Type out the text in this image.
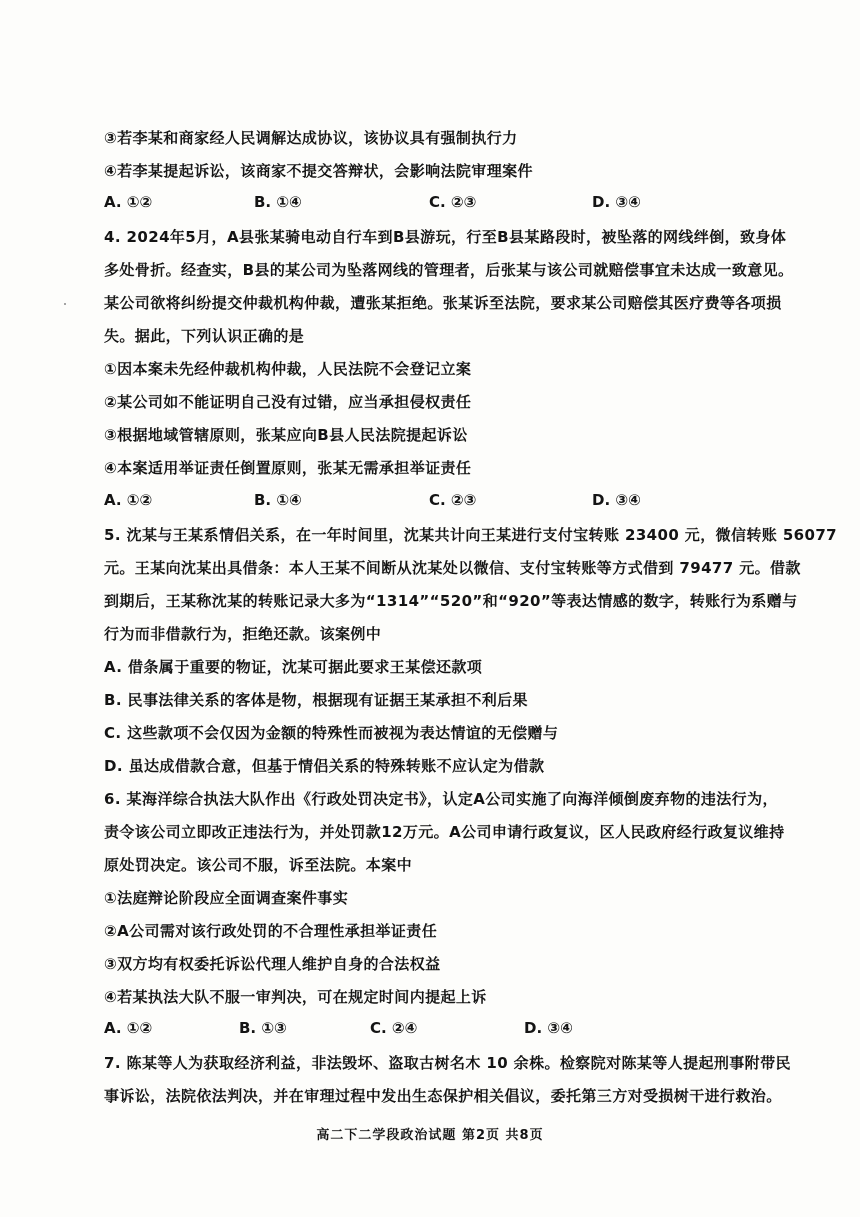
③若李某和商家经人民调解达成协议，该协议具有强制执行力
④若李某提起诉讼，该商家不提交答辩状，会影响法院审理案件
A. ①②	B. ①④	C. ②③	D. ③④
4. 2024年5月，A县张某骑电动自行车到B县游玩，行至B县某路段时，被坠落的网线绊倒，致身体
多处骨折。经查实，B县的某公司为坠落网线的管理者，后张某与该公司就赔偿事宜未达成一致意见。
某公司欲将纠纷提交仲裁机构仲裁，遭张某拒绝。张某诉至法院，要求某公司赔偿其医疗费等各项损
失。据此，下列认识正确的是
①因本案未先经仲裁机构仲裁，人民法院不会登记立案
②某公司如不能证明自己没有过错，应当承担侵权责任
③根据地域管辖原则，张某应向B县人民法院提起诉讼
④本案适用举证责任倒置原则，张某无需承担举证责任
A. ①②	B. ①④	C. ②③	D. ③④
5. 沈某与王某系情侣关系，在一年时间里，沈某共计向王某进行支付宝转账 23400 元，微信转账 56077
元。王某向沈某出具借条：本人王某不间断从沈某处以微信、支付宝转账等方式借到 79477 元。借款
到期后，王某称沈某的转账记录大多为“1314”“520”和“920”等表达情感的数字，转账行为系赠与
行为而非借款行为，拒绝还款。该案例中
A. 借条属于重要的物证，沈某可据此要求王某偿还款项
B. 民事法律关系的客体是物，根据现有证据王某承担不利后果
C. 这些款项不会仅因为金额的特殊性而被视为表达情谊的无偿赠与
D. 虽达成借款合意，但基于情侣关系的特殊转账不应认定为借款
6. 某海洋综合执法大队作出《行政处罚决定书》，认定A公司实施了向海洋倾倒废弃物的违法行为，
责令该公司立即改正违法行为，并处罚款12万元。A公司申请行政复议，区人民政府经行政复议维持
原处罚决定。该公司不服，诉至法院。本案中
①法庭辩论阶段应全面调查案件事实
②A公司需对该行政处罚的不合理性承担举证责任
③双方均有权委托诉讼代理人维护自身的合法权益
④若某执法大队不服一审判决，可在规定时间内提起上诉
A. ①②	B. ①③	C. ②④	D. ③④
7. 陈某等人为获取经济利益，非法毁坏、盗取古树名木 10 余株。检察院对陈某等人提起刑事附带民
事诉讼，法院依法判决，并在审理过程中发出生态保护相关倡议，委托第三方对受损树干进行救治。
高二下二学段政治试题 第2页 共8页
